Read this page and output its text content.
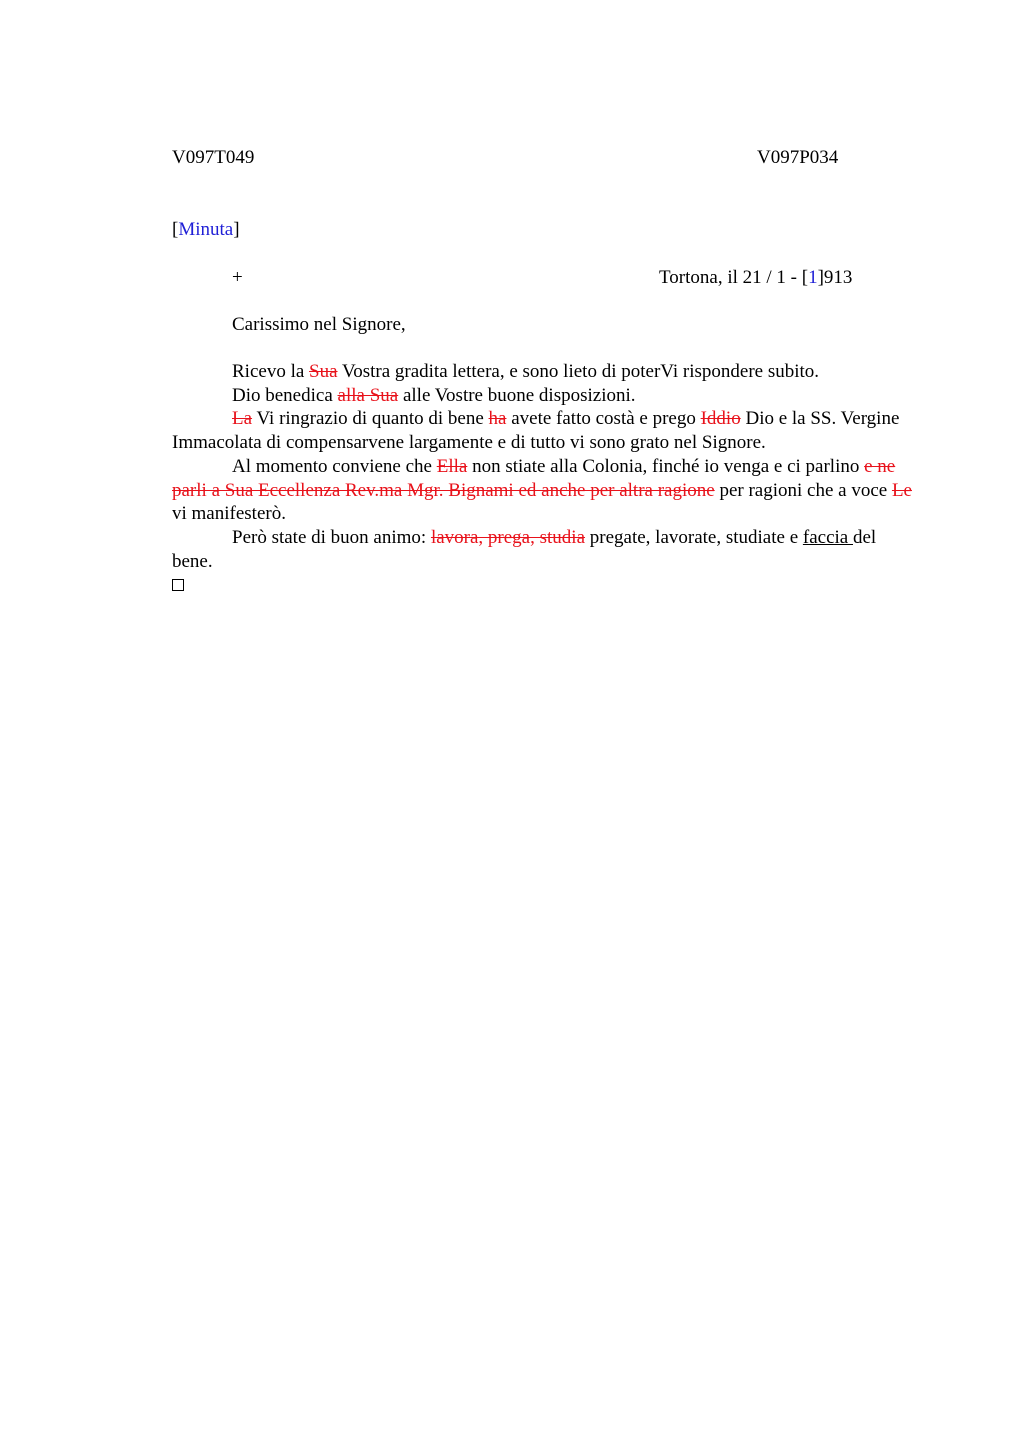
V097T049	V097P034
[Minuta]
+	Tortona, il 21 / 1 - [1]913
Carissimo nel Signore,

Ricevo la Sua Vostra gradita lettera, e sono lieto di poterVi rispondere subito.

Dio benedica alla Sua alle Vostre buone disposizioni.

La Vi ringrazio di quanto di bene ha avete fatto costà e prego Iddio Dio e la SS. Vergine Immacolata di compensarvene largamente e di tutto vi sono grato nel Signore.

Al momento conviene che Ella non stiate alla Colonia, finché io venga e ci parlino e ne parli a Sua Eccellenza Rev.ma Mgr. Bignami ed anche per altra ragione per ragioni che a voce Le vi manifesterò.

Però state di buon animo: lavora, prega, studia pregate, lavorate, studiate e faccia del bene.
